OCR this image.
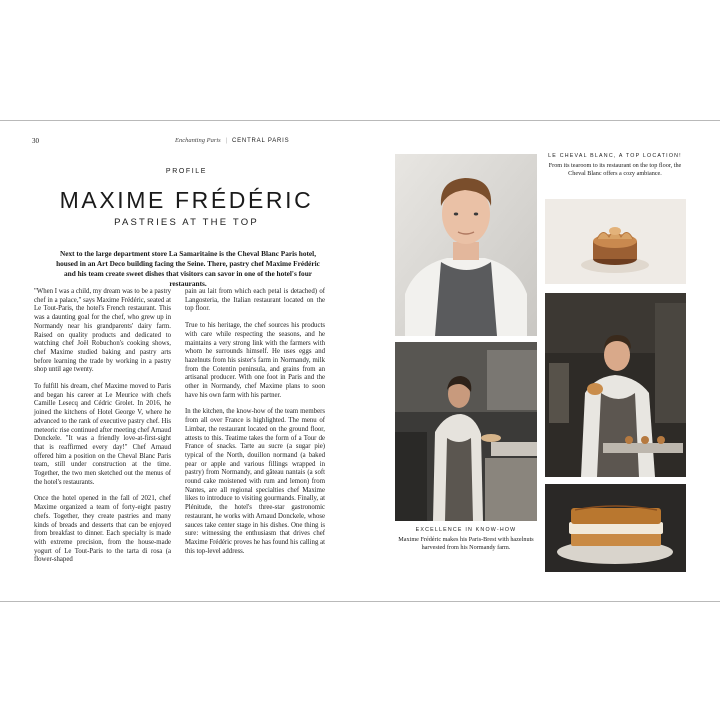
30	Enchanting Paris | CENTRAL PARIS
PROFILE
MAXIME FRÉDÉRIC
PASTRIES AT THE TOP

Next to the large department store La Samaritaine is the Cheval Blanc Paris hotel, housed in an Art Deco building facing the Seine. There, pastry chef Maxime Frédéric and his team create sweet dishes that visitors can savor in one of the hotel's four restaurants.

"When I was a child, my dream was to be a pastry chef in a palace," says Maxime Frédéric, seated at Le Tout-Paris, the hotel's French restaurant. This was a daunting goal for the chef, who grew up in Normandy near his grandparents' dairy farm. Raised on quality products and dedicated to watching chef Joël Robuchon's cooking shows, chef Maxime studied baking and pastry arts before learning the trade by working in a pastry shop until age twenty.

To fulfill his dream, chef Maxime moved to Paris and began his career at Le Meurice with chefs Camille Lesecq and Cédric Grolet. In 2016, he joined the kitchens of Hotel George V, where he advanced to the rank of executive pastry chef. His meteoric rise continued after meeting chef Arnaud Donckele. "It was a friendly love-at-first-sight that is reaffirmed every day!" Chef Arnaud offered him a position on the Cheval Blanc Paris team, still under construction at the time. Together, the two men sketched out the menus of the hotel's restaurants.

Once the hotel opened in the fall of 2021, chef Maxime organized a team of forty-eight pastry chefs. Together, they create pastries and many kinds of breads and desserts that can be enjoyed from breakfast to dinner. Each specialty is made with extreme precision, from the house-made yogurt of Le Tout-Paris to the tarta di rosa (a flower-shaped

pain au lait from which each petal is detached) of Langosteria, the Italian restaurant located on the top floor.

True to his heritage, the chef sources his products with care while respecting the seasons, and he maintains a very strong link with the farmers with whom he surrounds himself. He uses eggs and hazelnuts from his sister's farm in Normandy, milk from the Cotentin peninsula, and grains from an artisanal producer. With one foot in Paris and the other in Normandy, chef Maxime plans to soon have his own farm with his partner.

In the kitchen, the know-how of the team members from all over France is highlighted. The menu of Limbar, the restaurant located on the ground floor, attests to this. Teatime takes the form of a Tour de France of snacks. Tarte au sucre (a sugar pie) typical of the North, douillon normand (a baked pear or apple and various fillings wrapped in pastry) from Normandy, and gâteau nantais (a soft round cake moistened with rum and lemon) from Nantes, are all regional specialties chef Maxime likes to introduce to visiting gourmands. Finally, at Plénitude, the hotel's three-star gastronomic restaurant, he works with Arnaud Donckele, whose sauces take center stage in his dishes. One thing is sure: witnessing the enthusiasm that drives chef Maxime Frédéric proves he has found his calling at this top-level address.

LE CHEVAL BLANC, A TOP LOCATION!
From its tearoom to its restaurant on the top floor, the Cheval Blanc offers a cozy ambiance.
EXCELLENCE IN KNOW-HOW
Maxime Frédéric makes his Paris-Brest with hazelnuts harvested from his Normandy farm.
